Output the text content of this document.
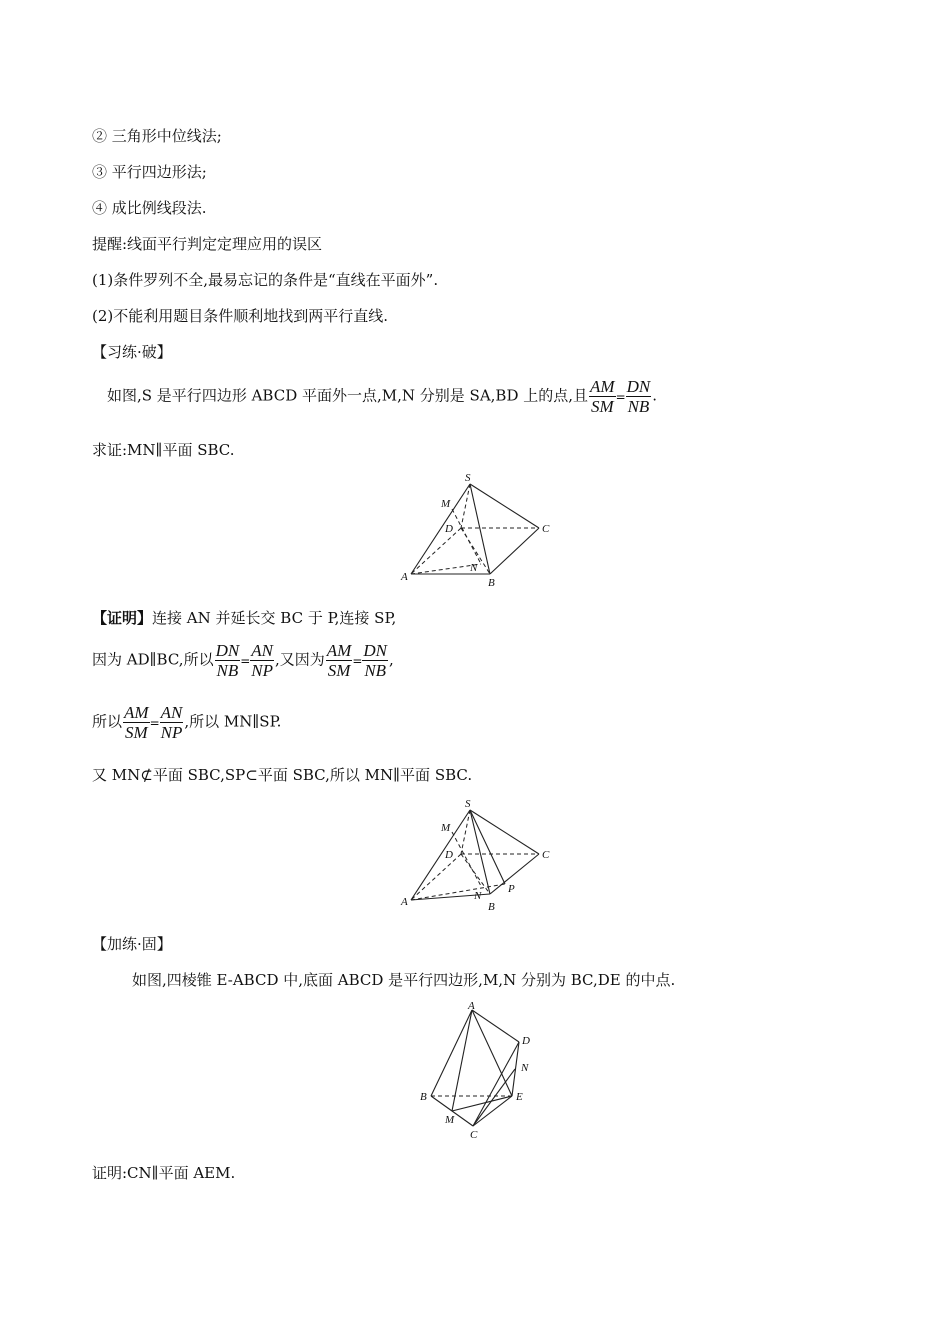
② 三角形中位线法;
③ 平行四边形法;
④ 成比例线段法.
提醒:线面平行判定定理应用的误区
(1)条件罗列不全,最易忘记的条件是“直线在平面外”.
(2)不能利用题目条件顺利地找到两平行直线.
【习练·破】
如图,S 是平行四边形 ABCD 平面外一点,M,N 分别是 SA,BD 上的点,且 $\frac{AM}{SM} = \frac{DN}{NB}$ .
求证:MN∥平面 SBC.
S
M
D	C
A
N
B
【证明】连接 AN 并延长交 BC 于 P,连接 SP,
因为 AD∥BC,所以 $\frac{DN}{NB} = \frac{AN}{NP}$ ,又因为 $\frac{AM}{SM} = \frac{DN}{NB}$ ,
所以 $\frac{AM}{SM} = \frac{AN}{NP}$ ,所以 MN∥SP.
又 MN⊄平面 SBC,SP⊂平面 SBC,所以 MN∥平面 SBC.
S
M
D	C
A	N
B
P
【加练·固】
如图,四棱锥 E-ABCD 中,底面 ABCD 是平行四边形,M,N 分别为 BC,DE 的中点.
A
D
N
B	E
M
C
证明:CN∥平面 AEM.
